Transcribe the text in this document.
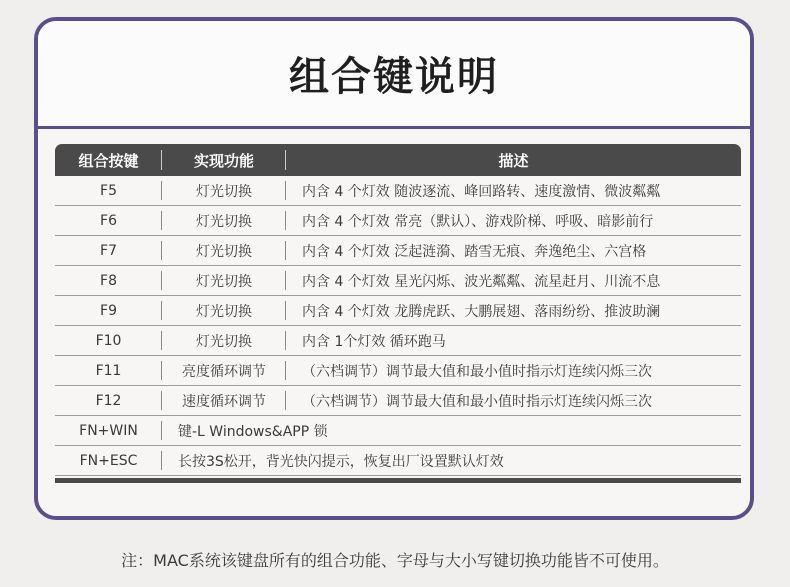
组合键说明
组合按键	实现功能	描述
F5	灯光切换	内含 4 个灯效 随波逐流、峰回路转、速度激情、微波粼粼
F6	灯光切换	内含 4 个灯效 常亮（默认）、游戏阶梯、呼吸、暗影前行
F7	灯光切换	内含 4 个灯效 泛起涟漪、踏雪无痕、奔逸绝尘、六宫格
F8	灯光切换	内含 4 个灯效 星光闪烁、波光粼粼、流星赶月、川流不息
F9	灯光切换	内含 4 个灯效 龙腾虎跃、大鹏展翅、落雨纷纷、推波助澜
F10	灯光切换	内含 1个灯效 循环跑马
F11	亮度循环调节	（六档调节）调节最大值和最小值时指示灯连续闪烁三次
F12	速度循环调节	（六档调节）调节最大值和最小值时指示灯连续闪烁三次
FN+WIN	键-L Windows&APP 锁
FN+ESC	长按3S松开，背光快闪提示，恢复出厂设置默认灯效
注：MAC系统该键盘所有的组合功能、字母与大小写键切换功能皆不可使用。
